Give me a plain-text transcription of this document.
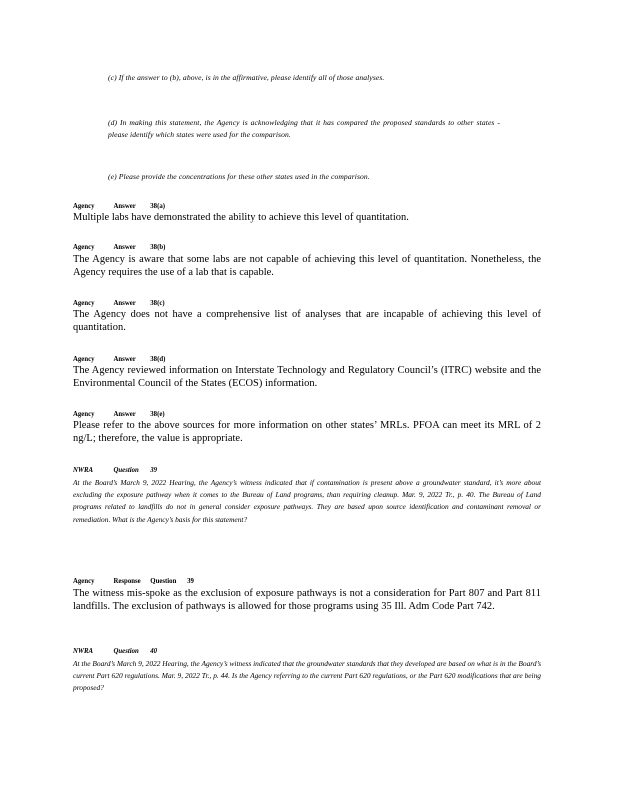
(c) If the answer to (b), above, is in the affirmative, please identify all of those analyses.
(d) In making this statement, the Agency is acknowledging that it has compared the proposed standards to other states - please identify which states were used for the comparison.
(e) Please provide the concentrations for these other states used in the comparison.
Agency	Answer 38(a)
Multiple labs have demonstrated the ability to achieve this level of quantitation.
Agency	Answer 38(b)
The Agency is aware that some labs are not capable of achieving this level of quantitation. Nonetheless, the Agency requires the use of a lab that is capable.
Agency	Answer 38(c)
The Agency does not have a comprehensive list of analyses that are incapable of achieving this level of quantitation.
Agency	Answer 38(d)
The Agency reviewed information on Interstate Technology and Regulatory Council’s (ITRC) website and the Environmental Council of the States (ECOS) information.
Agency	Answer 38(e)
Please refer to the above sources for more information on other states’ MRLs. PFOA can meet its MRL of 2 ng/L; therefore, the value is appropriate.
NWRA	Question 39
At the Board’s March 9, 2022 Hearing, the Agency’s witness indicated that if contamination is present above a groundwater standard, it’s more about excluding the exposure pathway when it comes to the Bureau of Land programs, than requiring cleanup. Mar. 9, 2022 Tr., p. 40. The Bureau of Land programs related to landfills do not in general consider exposure pathways. They are based upon source identification and contaminant removal or remediation. What is the Agency’s basis for this statement?
Agency	Response Question 39
The witness mis-spoke as the exclusion of exposure pathways is not a consideration for Part 807 and Part 811 landfills. The exclusion of pathways is allowed for those programs using 35 Ill. Adm Code Part 742.
NWRA	Question 40
At the Board’s March 9, 2022 Hearing, the Agency’s witness indicated that the groundwater standards that they developed are based on what is in the Board’s current Part 620 regulations. Mar. 9, 2022 Tr., p. 44. Is the Agency referring to the current Part 620 regulations, or the Part 620 modifications that are being proposed?
